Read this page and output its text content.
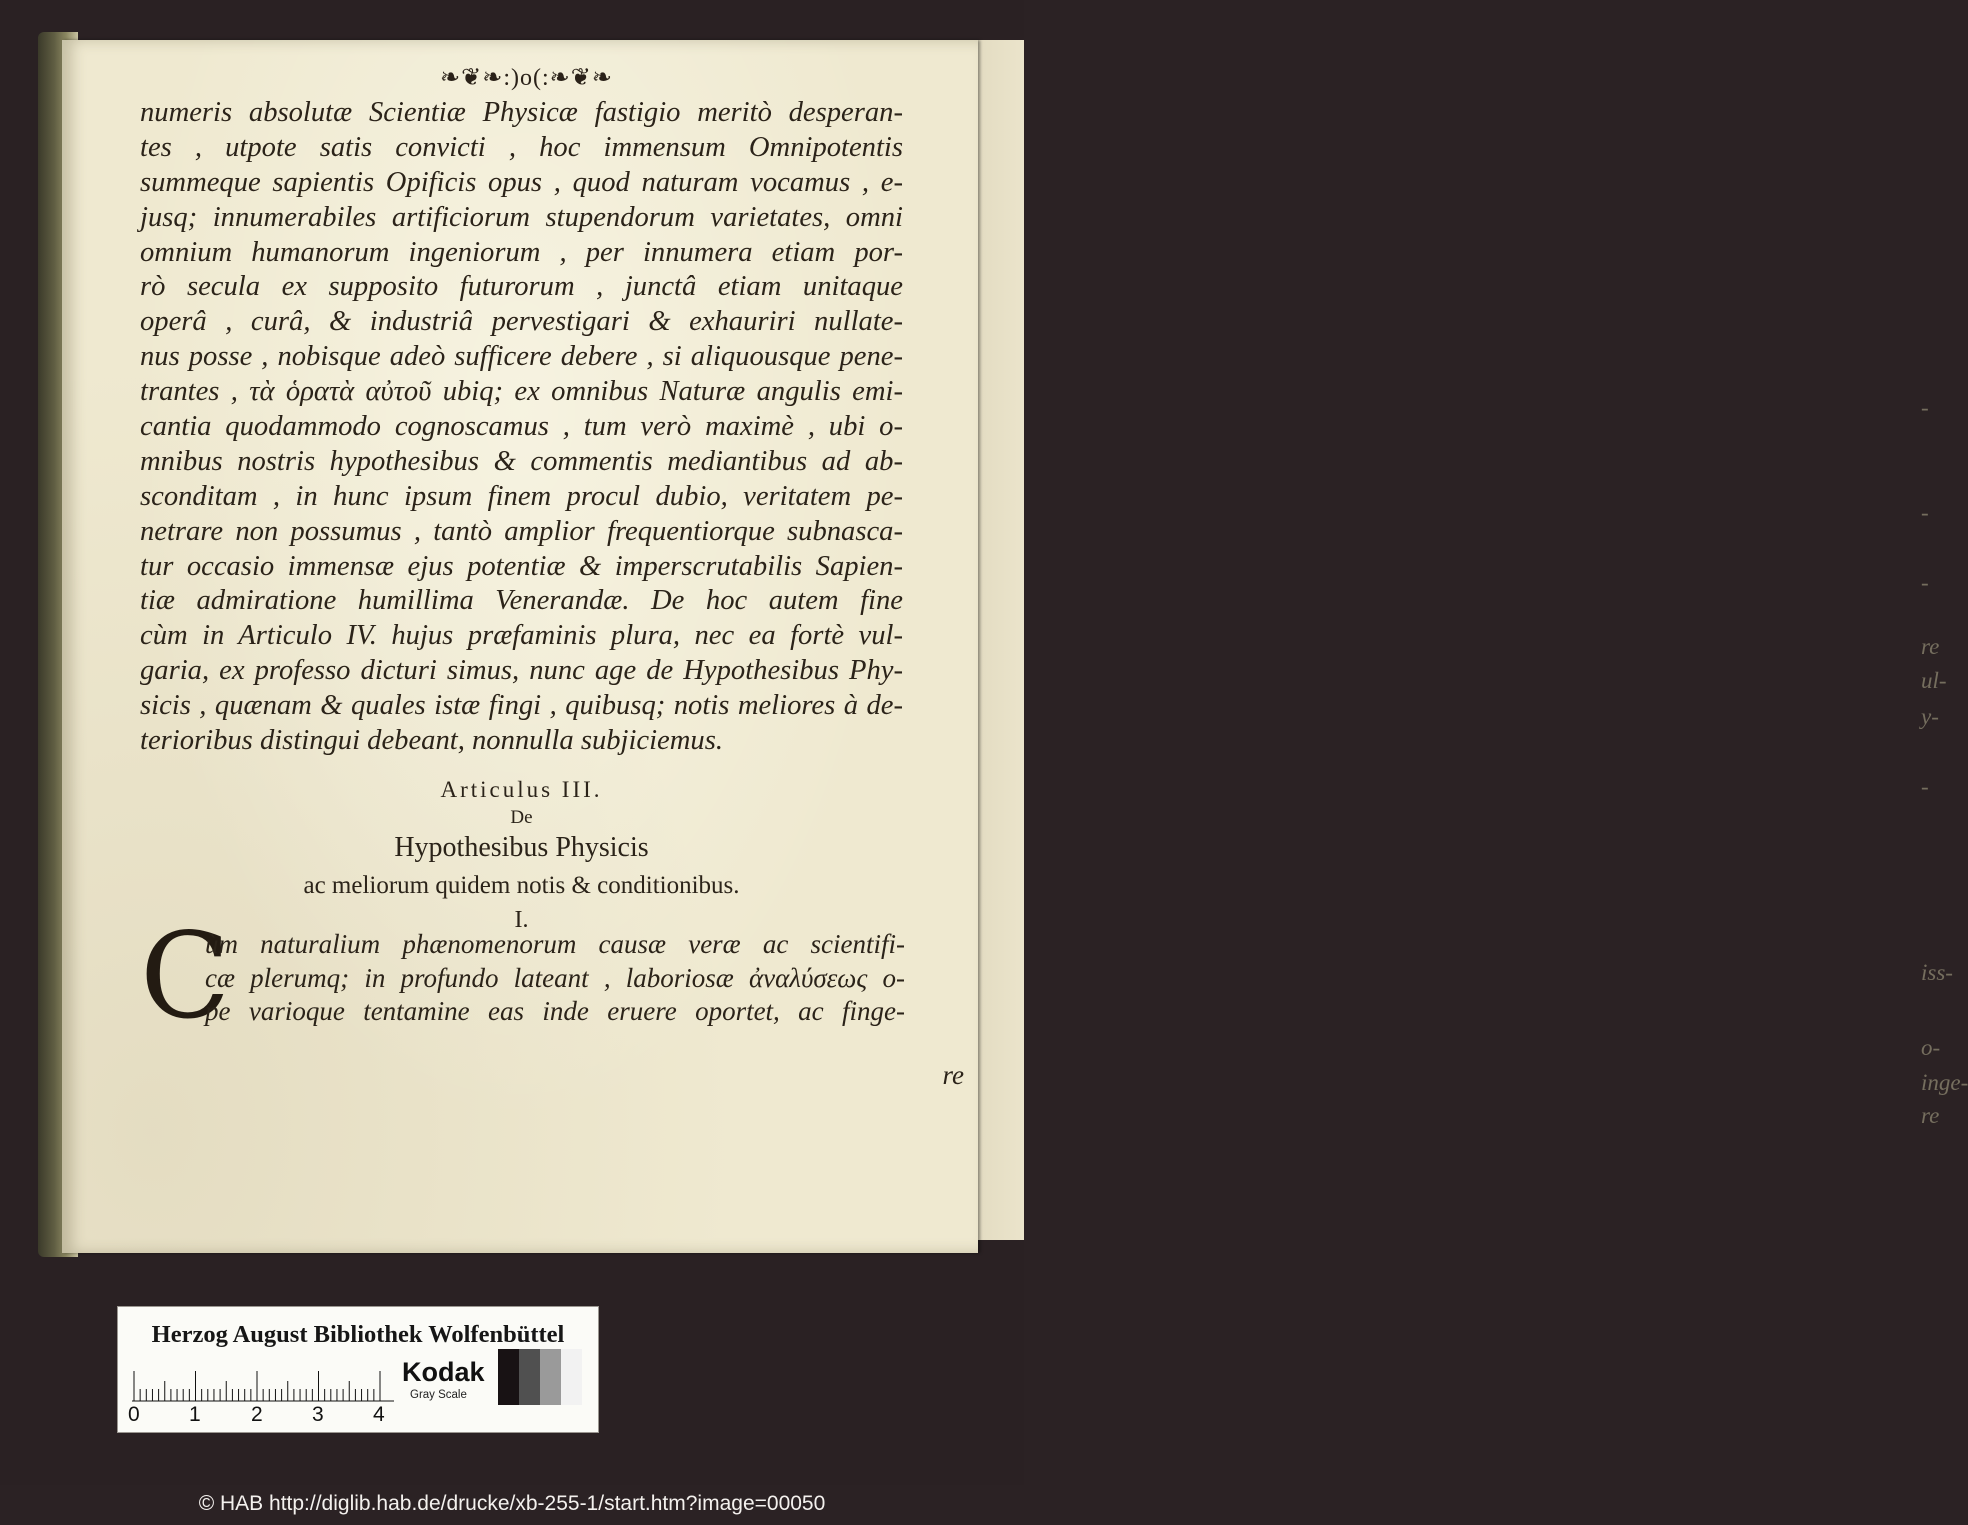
-
-
-
re
ul-
y-
-
iss-
o-
inge-
re
❧❦❧:)o(:❧❦❧
numeris absolutæ Scientiæ Physicæ fastigio meritò desperan-
tes , utpote satis convicti , hoc immensum Omnipotentis
summeque sapientis Opificis opus , quod naturam vocamus , e-
jusq; innumerabiles artificiorum stupendorum varietates, omni
omnium humanorum ingeniorum , per innumera etiam por-
rò secula ex supposito futurorum , junctâ etiam unitaque
operâ , curâ, & industriâ pervestigari & exhauriri nullate-
nus posse , nobisque adeò sufficere debere , si aliquousque pene-
trantes , τὰ ὁρατὰ αὐτοῦ ubiq; ex omnibus Naturæ angulis emi-
cantia quodammodo cognoscamus , tum verò maximè , ubi o-
mnibus nostris hypothesibus & commentis mediantibus ad ab-
sconditam , in hunc ipsum finem procul dubio, veritatem pe-
netrare non possumus , tantò amplior frequentiorque subnasca-
tur occasio immensæ ejus potentiæ & imperscrutabilis Sapien-
tiæ admiratione humillima Venerandæ. De hoc autem fine
cùm in Articulo IV. hujus præfaminis plura, nec ea fortè vul-
garia, ex professo dicturi simus, nunc age de Hypothesibus Phy-
sicis , quænam & quales istæ fingi , quibusq; notis meliores à de-
terioribus distingui debeant, nonnulla subjiciemus.
Articulus III.
De
Hypothesibus Physicis
ac meliorum quidem notis & conditionibus.
I.
C
ùm naturalium phænomenorum causæ veræ ac scientifi-
cæ plerumq; in profundo lateant , laboriosæ ἀναλύσεως o-
pe varioque tentamine eas inde eruere oportet, ac finge-
re
Herzog August Bibliothek Wolfenbüttel
0 1 2 3 4
Kodak
Gray Scale
© HAB http://diglib.hab.de/drucke/xb-255-1/start.htm?image=00050
